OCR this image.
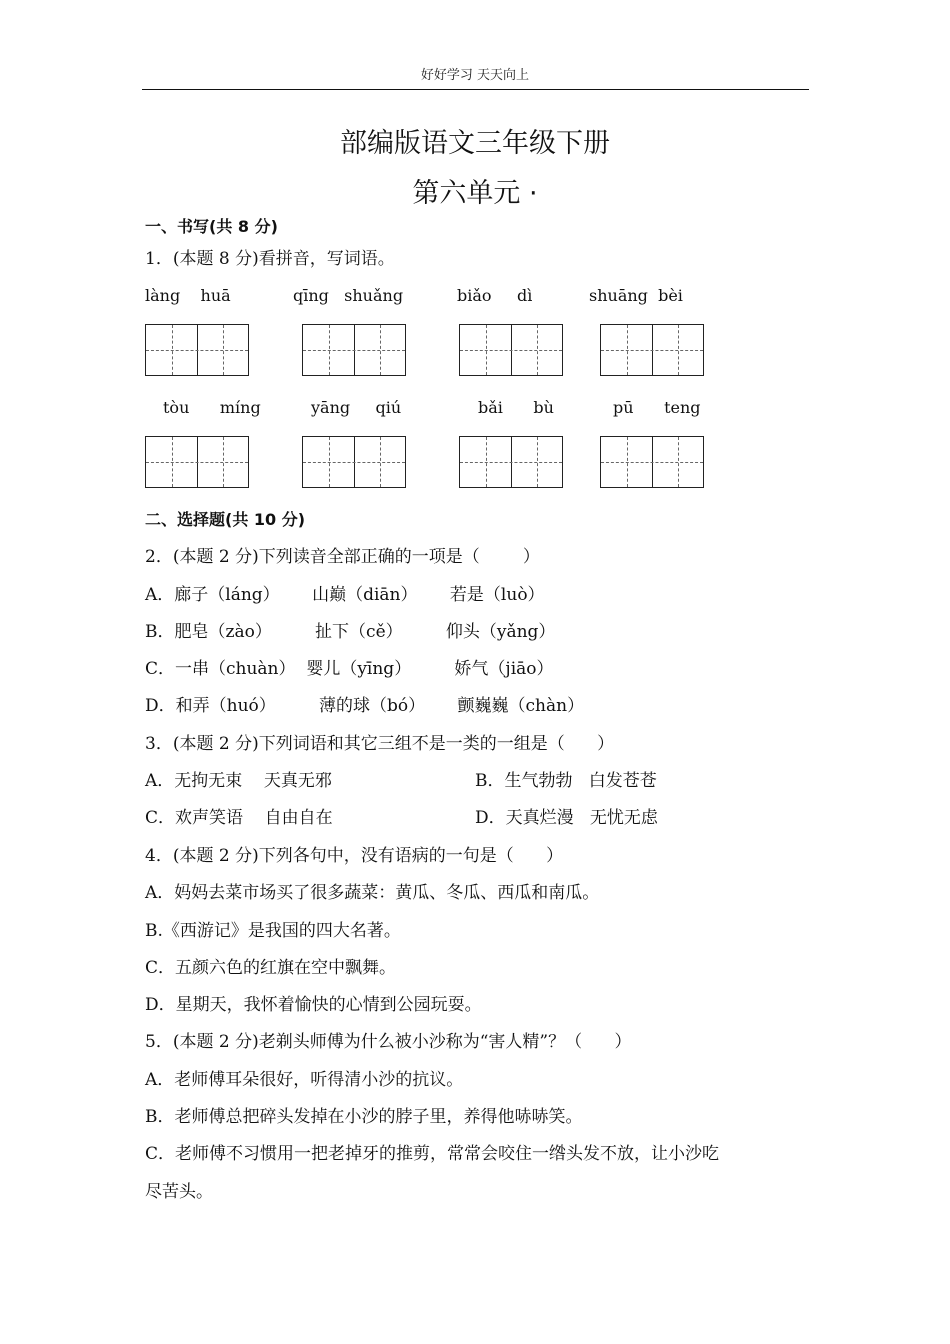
好好学习 天天向上
部编版语文三年级下册
第六单元 ·
一、书写(共 8 分)
1．(本题 8 分)看拼音，写词语。
làng    huā	qīng   shuǎng	biǎo     dì	shuāng  bèi
tòu      míng	yāng     qiú	bǎi      bù	pū      teng
二、选择题(共 10 分)
2．(本题 2 分)下列读音全部正确的一项是（        ）
A．廊子（láng）      山巅（diān）      若是（luò）
B．肥皂（zào）        扯下（cě）        仰头（yǎng）
C．一串（chuàn）  婴儿（yīng）        娇气（jiāo）
D．和弄（huó）        薄的球（bó）      颤巍巍（chàn）
3．(本题 2 分)下列词语和其它三组不是一类的一组是（      ）
A．无拘无束    天真无邪	B．生气勃勃   白发苍苍
C．欢声笑语    自由自在	D．天真烂漫   无忧无虑
4．(本题 2 分)下列各句中，没有语病的一句是（      ）
A．妈妈去菜市场买了很多蔬菜：黄瓜、冬瓜、西瓜和南瓜。
B.《西游记》是我国的四大名著。
C．五颜六色的红旗在空中飘舞。
D．星期天，我怀着愉快的心情到公园玩耍。
5．(本题 2 分)老剃头师傅为什么被小沙称为“害人精”？（      ）
A．老师傅耳朵很好，听得清小沙的抗议。
B．老师傅总把碎头发掉在小沙的脖子里，养得他哧哧笑。
C．老师傅不习惯用一把老掉牙的推剪，常常会咬住一绺头发不放，让小沙吃
尽苦头。
